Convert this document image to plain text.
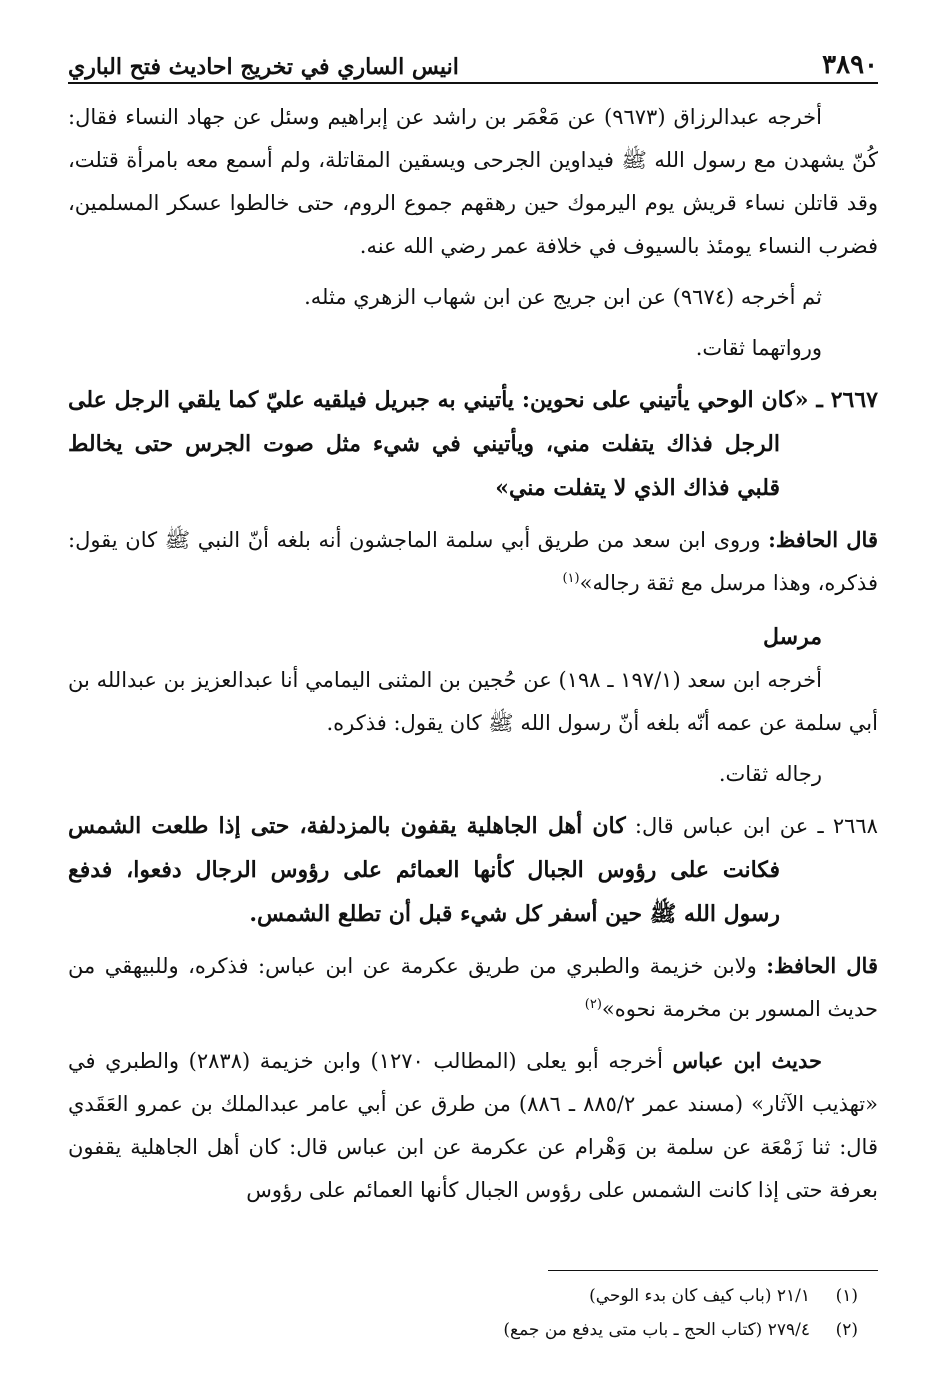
٣٨٩٠
انيس الساري في تخريج احاديث فتح الباري

أخرجه عبدالرزاق (٩٦٧٣) عن مَعْمَر بن راشد عن إبراهيم وسئل عن جهاد النساء فقال: كُنّ يشهدن مع رسول الله ﷺ فيداوين الجرحى ويسقين المقاتلة، ولم أسمع معه بامرأة قتلت، وقد قاتلن نساء قريش يوم اليرموك حين رهقهم جموع الروم، حتى خالطوا عسكر المسلمين، فضرب النساء يومئذ بالسيوف في خلافة عمر رضي الله عنه.

ثم أخرجه (٩٦٧٤) عن ابن جريج عن ابن شهاب الزهري مثله.

ورواتهما ثقات.

٢٦٦٧ ـ «كان الوحي يأتيني على نحوين: يأتيني به جبريل فيلقيه عليّ كما يلقي الرجل على الرجل فذاك يتفلت مني، ويأتيني في شيء مثل صوت الجرس حتى يخالط قلبي فذاك الذي لا يتفلت مني»

قال الحافظ: وروى ابن سعد من طريق أبي سلمة الماجشون أنه بلغه أنّ النبي ﷺ كان يقول: فذكره، وهذا مرسل مع ثقة رجاله»$^{(١)}$

مرسل

أخرجه ابن سعد (١٩٧/١ ـ ١٩٨) عن حُجين بن المثنى اليمامي أنا عبدالعزيز بن عبدالله بن أبي سلمة عن عمه أنّه بلغه أنّ رسول الله ﷺ كان يقول: فذكره.

رجاله ثقات.

٢٦٦٨ ـ عن ابن عباس قال: كان أهل الجاهلية يقفون بالمزدلفة، حتى إذا طلعت الشمس فكانت على رؤوس الجبال كأنها العمائم على رؤوس الرجال دفعوا، فدفع رسول الله ﷺ حين أسفر كل شيء قبل أن تطلع الشمس.

قال الحافظ: ولابن خزيمة والطبري من طريق عكرمة عن ابن عباس: فذكره، وللبيهقي من حديث المسور بن مخرمة نحوه»$^{(٢)}$

حديث ابن عباس أخرجه أبو يعلى (المطالب ١٢٧٠) وابن خزيمة (٢٨٣٨) والطبري في «تهذيب الآثار» (مسند عمر ٨٨٥/٢ ـ ٨٨٦) من طرق عن أبي عامر عبدالملك بن عمرو العَقَدي قال: ثنا زَمْعَة عن سلمة بن وَهْرام عن عكرمة عن ابن عباس قال: كان أهل الجاهلية يقفون بعرفة حتى إذا كانت الشمس على رؤوس الجبال كأنها العمائم على رؤوس

(١)٢١/١ (باب كيف كان بدء الوحي)
(٢)٢٧٩/٤ (كتاب الحج ـ باب متى يدفع من جمع)
